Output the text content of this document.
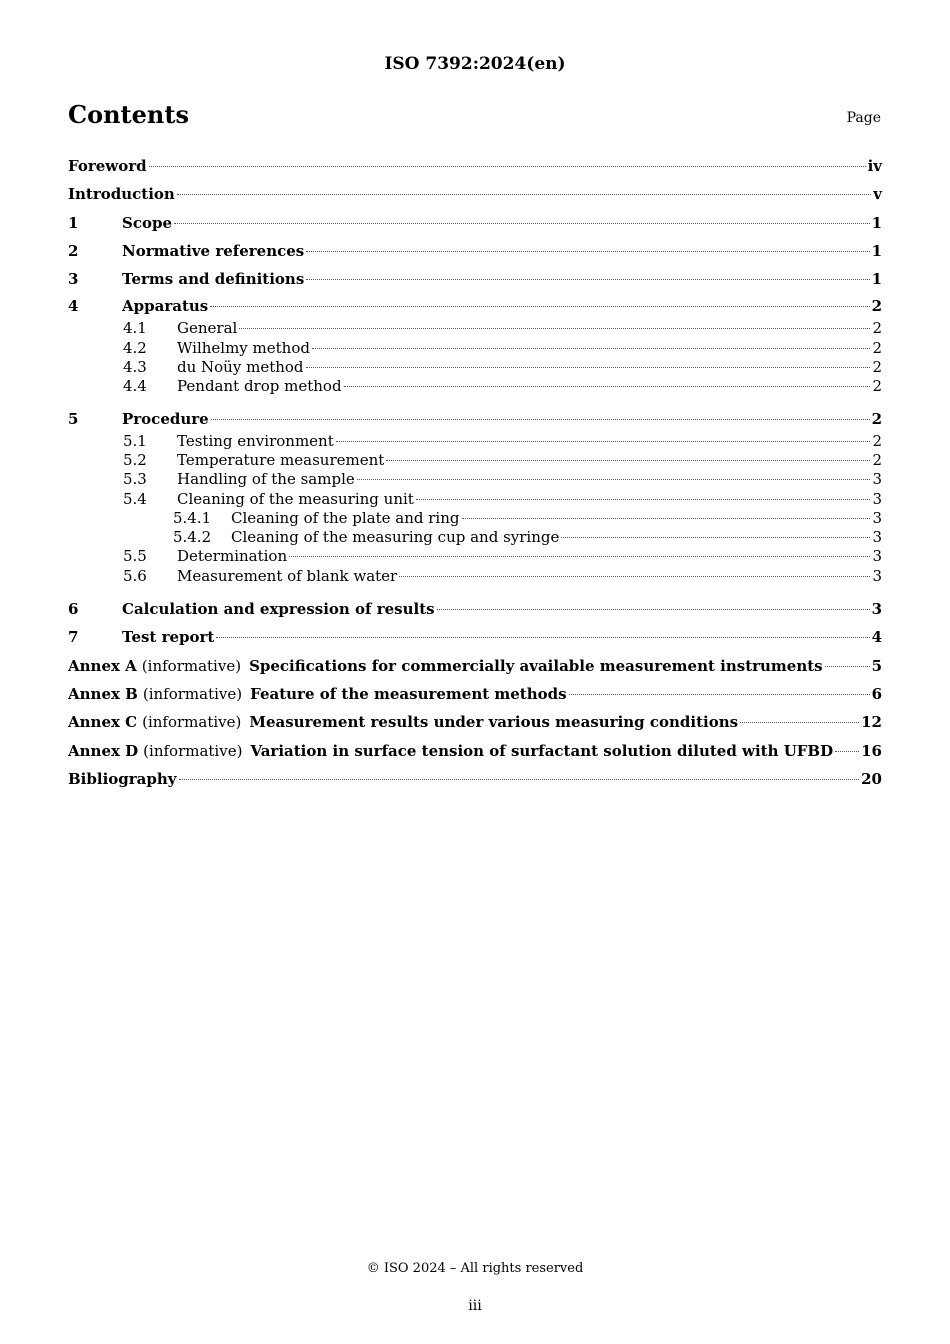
ISO 7392:2024(en)
Contents	Page
Foreword	iv
Introduction	v
1	Scope	1
2	Normative references	1
3	Terms and definitions	1
4	Apparatus	2
4.1	General	2
4.2	Wilhelmy method	2
4.3	du Noüy method	2
4.4	Pendant drop method	2
5	Procedure	2
5.1	Testing environment	2
5.2	Temperature measurement	2
5.3	Handling of the sample	3
5.4	Cleaning of the measuring unit	3
5.4.1	Cleaning of the plate and ring	3
5.4.2	Cleaning of the measuring cup and syringe	3
5.5	Determination	3
5.6	Measurement of blank water	3
6	Calculation and expression of results	3
7	Test report	4
Annex A (informative) Specifications for commercially available measurement instruments	5
Annex B (informative) Feature of the measurement methods	6
Annex C (informative) Measurement results under various measuring conditions	12
Annex D (informative) Variation in surface tension of surfactant solution diluted with UFBD 16
Bibliography	20
© ISO 2024 – All rights reserved
iii
